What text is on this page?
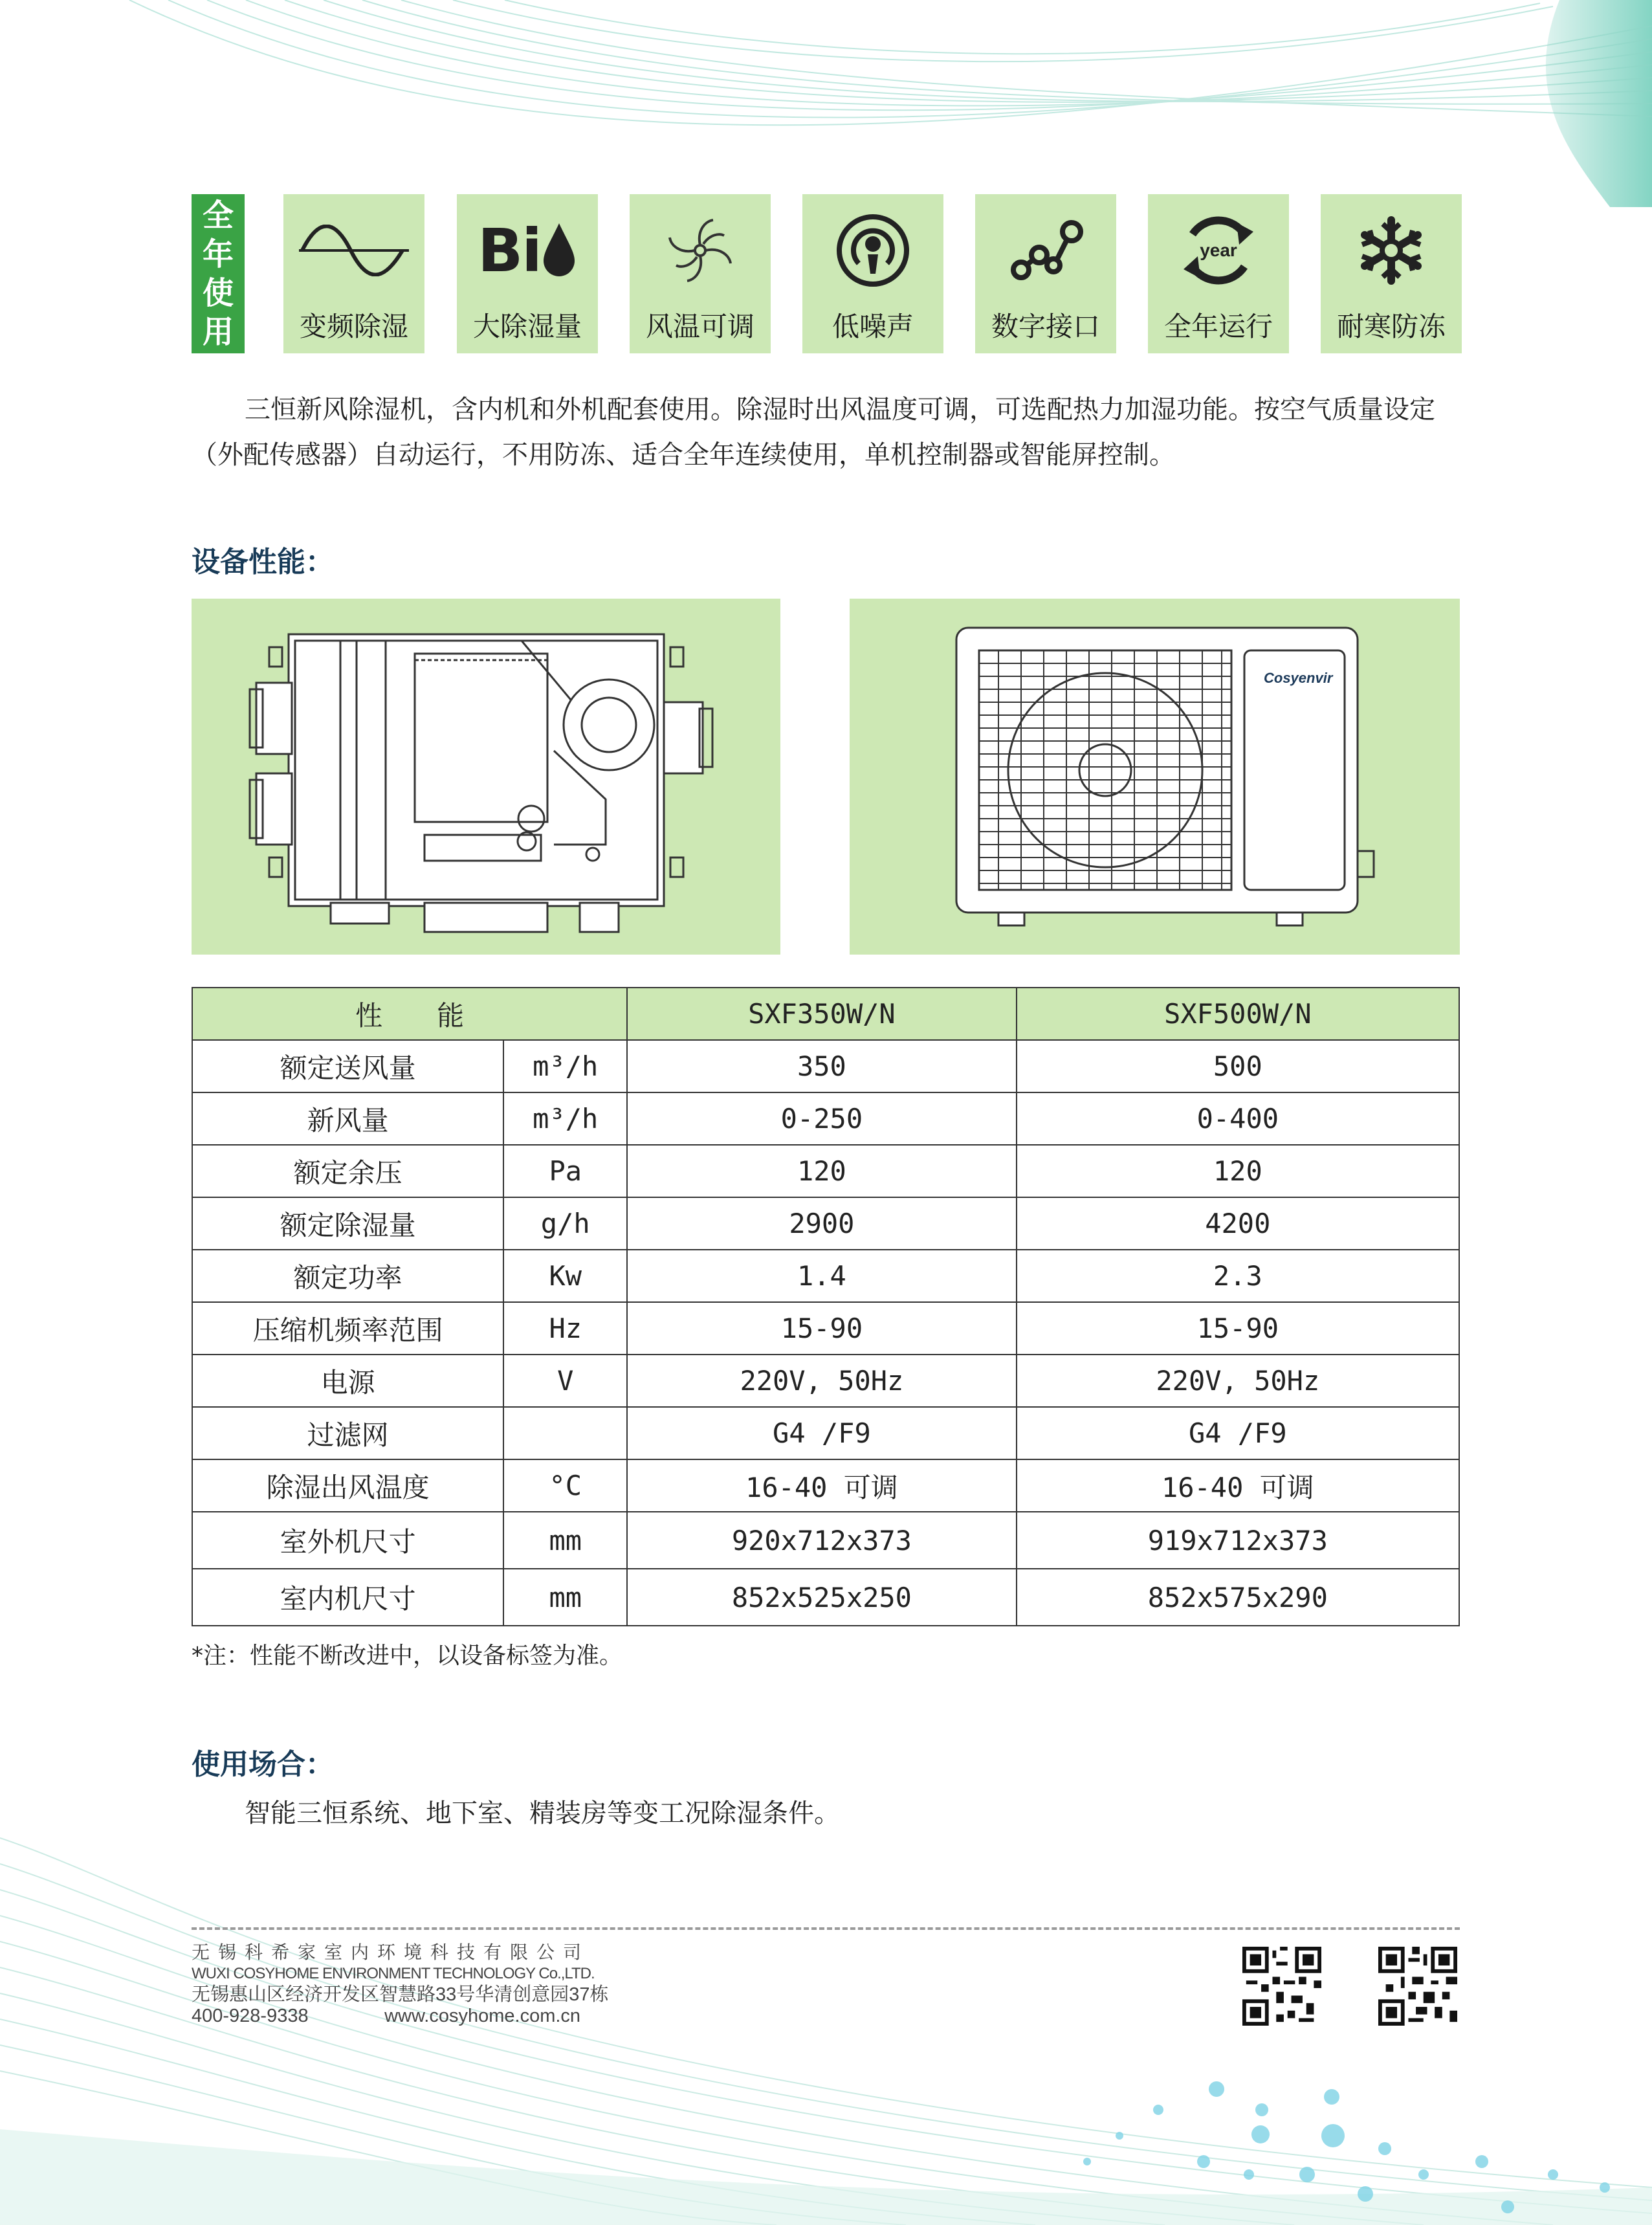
全
年
使
用	变频除湿
Bi
大除湿量	风温可调	低噪声	数字接口
year
全年运行	耐寒防冻

三恒新风除湿机，含内机和外机配套使用。除湿时出风温度可调，可选配热力加湿功能。按空气质量设定（外配传感器）自动运行，不用防冻、适合全年连续使用，单机控制器或智能屏控制。

设备性能：
Cosyenvir
性　　能		SXF350W/N	SXF500W/N
额定送风量	m³/h	350	500
新风量	m³/h	0-250	0-400
额定余压	Pa	120	120
额定除湿量	g/h	2900	4200
额定功率	Kw	1.4	2.3
压缩机频率范围	Hz	15-90	15-90
电源	V	220V, 50Hz	220V, 50Hz
过滤网		G4 /F9	G4 /F9
除湿出风温度	°C	16-40 可调	16-40 可调
室外机尺寸	mm	920x712x373	919x712x373
室内机尺寸	mm	852x525x250	852x575x290
*注：性能不断改进中，以设备标签为准。
使用场合：
智能三恒系统、地下室、精装房等变工况除湿条件。
无锡科希家室内环境科技有限公司
WUXI COSYHOME ENVIRONMENT TECHNOLOGY Co.,LTD.
无锡惠山区经济开发区智慧路33号华清创意园37栋
400-928-9338	www.cosyhome.com.cn
